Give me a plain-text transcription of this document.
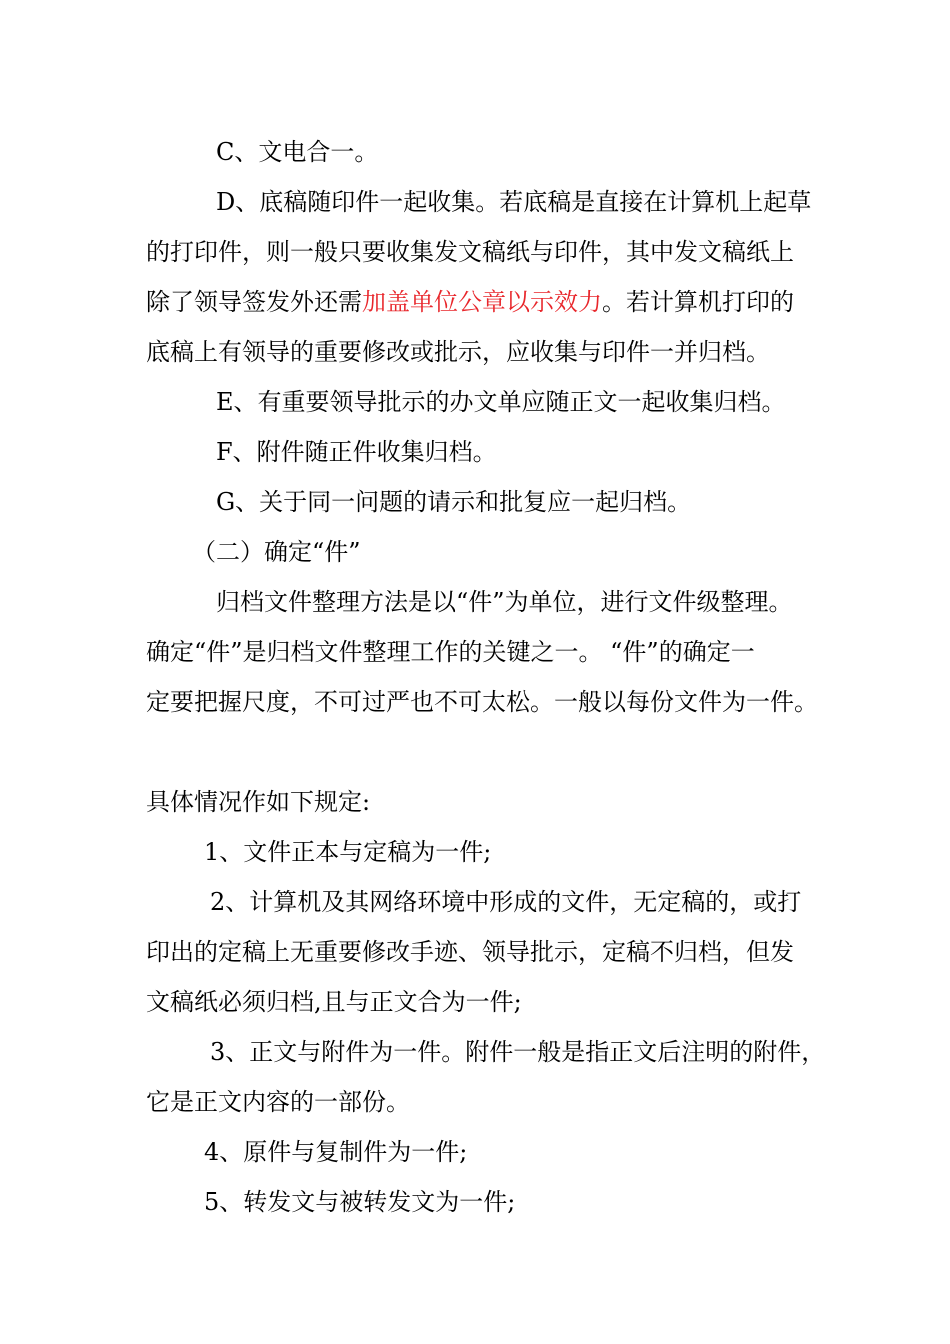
C、文电合一。

D、底稿随印件一起收集。若底稿是直接在计算机上起草

的打印件，则一般只要收集发文稿纸与印件，其中发文稿纸上

除了领导签发外还需加盖单位公章以示效力。若计算机打印的

底稿上有领导的重要修改或批示，应收集与印件一并归档。

E、有重要领导批示的办文单应随正文一起收集归档。

F、附件随正件收集归档。

G、关于同一问题的请示和批复应一起归档。

（二）确定“件”

归档文件整理方法是以“件”为单位，进行文件级整理。

确定“件”是归档文件整理工作的关键之一。 “件”的确定一

定要把握尺度，不可过严也不可太松。一般以每份文件为一件。

具体情况作如下规定:

1、文件正本与定稿为一件;

2、计算机及其网络环境中形成的文件，无定稿的，或打

印出的定稿上无重要修改手迹、领导批示，定稿不归档，但发

文稿纸必须归档,且与正文合为一件;

3、正文与附件为一件。附件一般是指正文后注明的附件，

它是正文内容的一部份。

4、原件与复制件为一件;

5、转发文与被转发文为一件;
